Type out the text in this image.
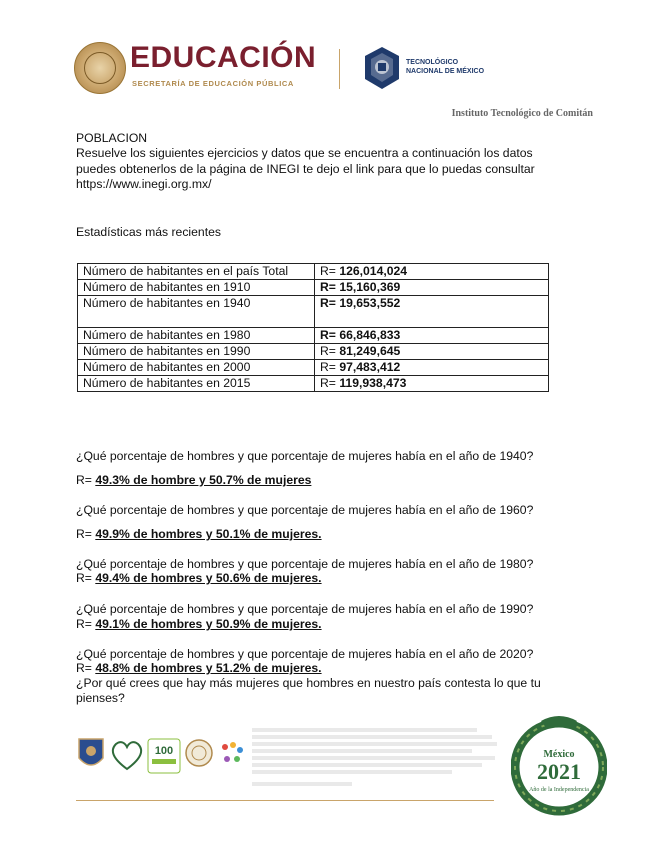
EDUCACIÓN
SECRETARÍA DE EDUCACIÓN PÚBLICA
TECNOLÓGICO
NACIONAL DE MÉXICO
Instituto Tecnológico de Comitán
POBLACION
Resuelve los siguientes ejercicios y datos que se encuentra a continuación los datos
puedes obtenerlos de la página de INEGI te dejo el link para que lo puedas consultar
https://www.inegi.org.mx/
Estadísticas más recientes
Número de habitantes en el país Total	R= 126,014,024
Número de habitantes en 1910	R= 15,160,369
Número de habitantes en 1940	R= 19,653,552
Número de habitantes en 1980	R= 66,846,833
Número de habitantes en 1990	R= 81,249,645
Número de habitantes en 2000	R= 97,483,412
Número de habitantes en 2015	R= 119,938,473
¿Qué porcentaje de hombres y que porcentaje de mujeres había en el año de 1940?
R= 49.3% de hombre y 50.7% de mujeres
¿Qué porcentaje de hombres y que porcentaje de mujeres había en el año de 1960?
R= 49.9% de hombres y 50.1% de mujeres.
¿Qué porcentaje de hombres y que porcentaje de mujeres había en el año de 1980?
R= 49.4% de hombres y 50.6% de mujeres.
¿Qué porcentaje de hombres y que porcentaje de mujeres había en el año de 1990?
R= 49.1% de hombres y 50.9% de mujeres.
¿Qué porcentaje de hombres y que porcentaje de mujeres había en el año de 2020?
R= 48.8% de hombres y 51.2% de mujeres.
¿Por qué crees que hay más mujeres que hombres en nuestro país contesta lo que tu
pienses?
100	México
2021
Año de la Independencia
